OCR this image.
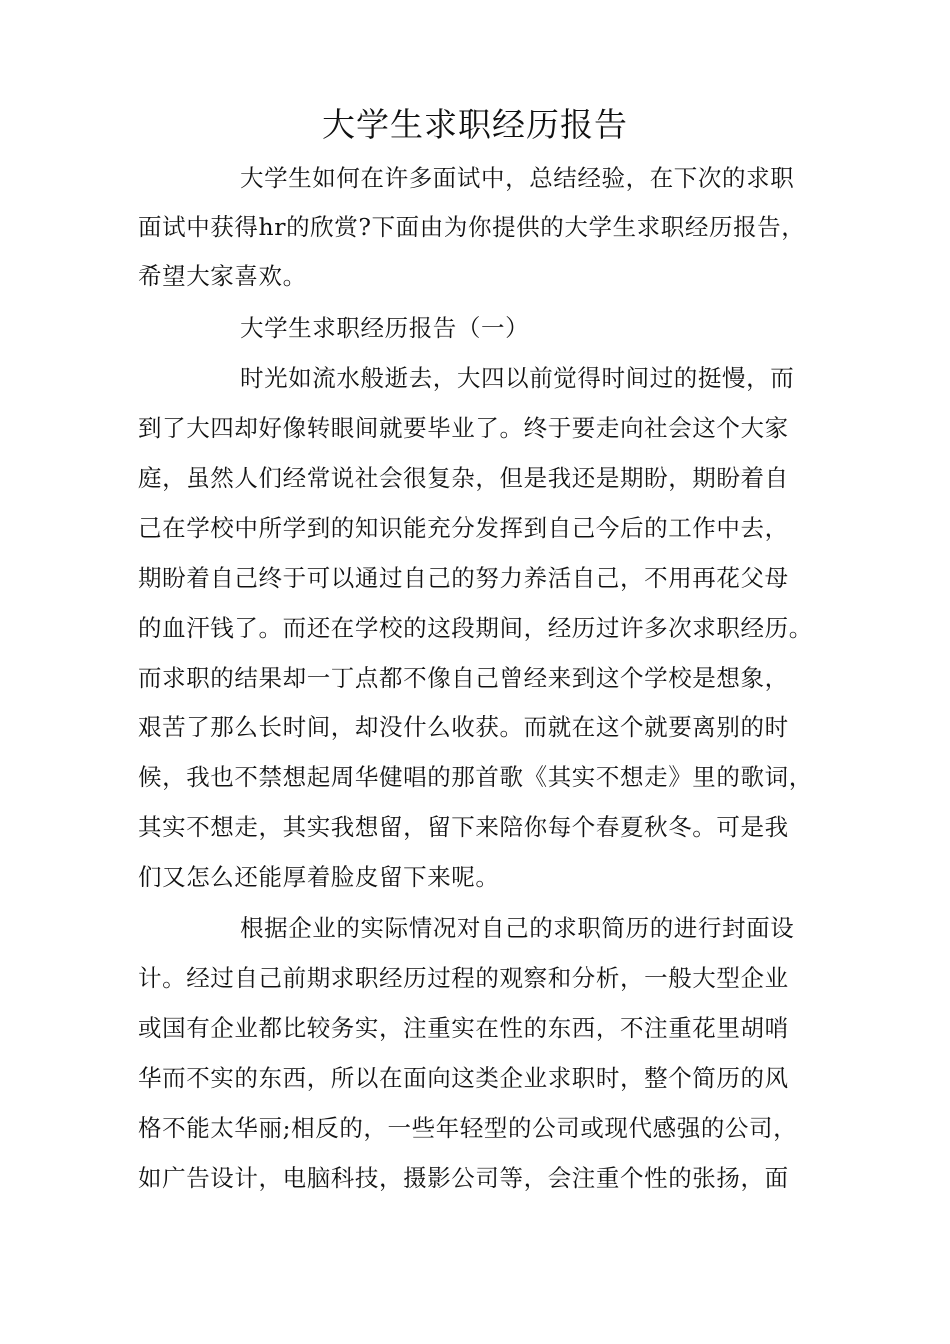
大学生求职经历报告
大学生如何在许多面试中，总结经验，在下次的求职
面试中获得hr的欣赏?下面由为你提供的大学生求职经历报告，
希望大家喜欢。
大学生求职经历报告（一）
时光如流水般逝去，大四以前觉得时间过的挺慢，而
到了大四却好像转眼间就要毕业了。终于要走向社会这个大家
庭，虽然人们经常说社会很复杂，但是我还是期盼，期盼着自
己在学校中所学到的知识能充分发挥到自己今后的工作中去，
期盼着自己终于可以通过自己的努力养活自己，不用再花父母
的血汗钱了。而还在学校的这段期间，经历过许多次求职经历。
而求职的结果却一丁点都不像自己曾经来到这个学校是想象，
艰苦了那么长时间，却没什么收获。而就在这个就要离别的时
候，我也不禁想起周华健唱的那首歌《其实不想走》里的歌词，
其实不想走，其实我想留，留下来陪你每个春夏秋冬。可是我
们又怎么还能厚着脸皮留下来呢。
根据企业的实际情况对自己的求职简历的进行封面设
计。经过自己前期求职经历过程的观察和分析，一般大型企业
或国有企业都比较务实，注重实在性的东西，不注重花里胡哨
华而不实的东西，所以在面向这类企业求职时，整个简历的风
格不能太华丽;相反的，一些年轻型的公司或现代感强的公司，
如广告设计，电脑科技，摄影公司等，会注重个性的张扬，面
